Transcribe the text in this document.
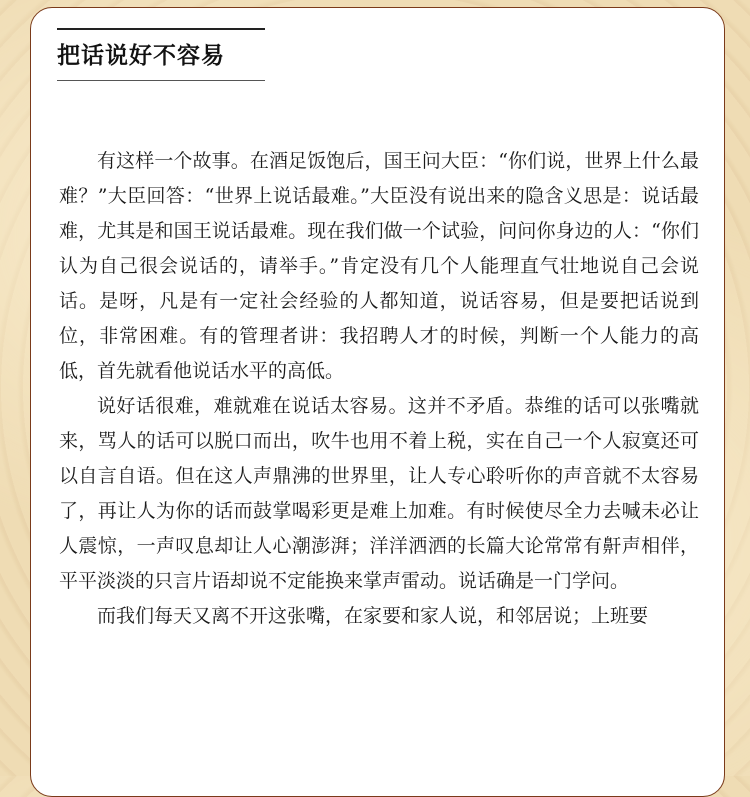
把话说好不容易

有这样一个故事。在酒足饭饱后，国王问大臣：“你们说，世界上什么最难？”大臣回答：“世界上说话最难。”大臣没有说出来的隐含义思是：说话最难，尤其是和国王说话最难。现在我们做一个试验，问问你身边的人：“你们认为自己很会说话的，请举手。”肯定没有几个人能理直气壮地说自己会说话。是呀，凡是有一定社会经验的人都知道，说话容易，但是要把话说到位，非常困难。有的管理者讲：我招聘人才的时候，判断一个人能力的高低，首先就看他说话水平的高低。

说好话很难，难就难在说话太容易。这并不矛盾。恭维的话可以张嘴就来，骂人的话可以脱口而出，吹牛也用不着上税，实在自己一个人寂寞还可以自言自语。但在这人声鼎沸的世界里，让人专心聆听你的声音就不太容易了，再让人为你的话而鼓掌喝彩更是难上加难。有时候使尽全力去喊未必让人震惊，一声叹息却让人心潮澎湃；洋洋洒洒的长篇大论常常有鼾声相伴，平平淡淡的只言片语却说不定能换来掌声雷动。说话确是一门学问。

而我们每天又离不开这张嘴，在家要和家人说，和邻居说；上班要
